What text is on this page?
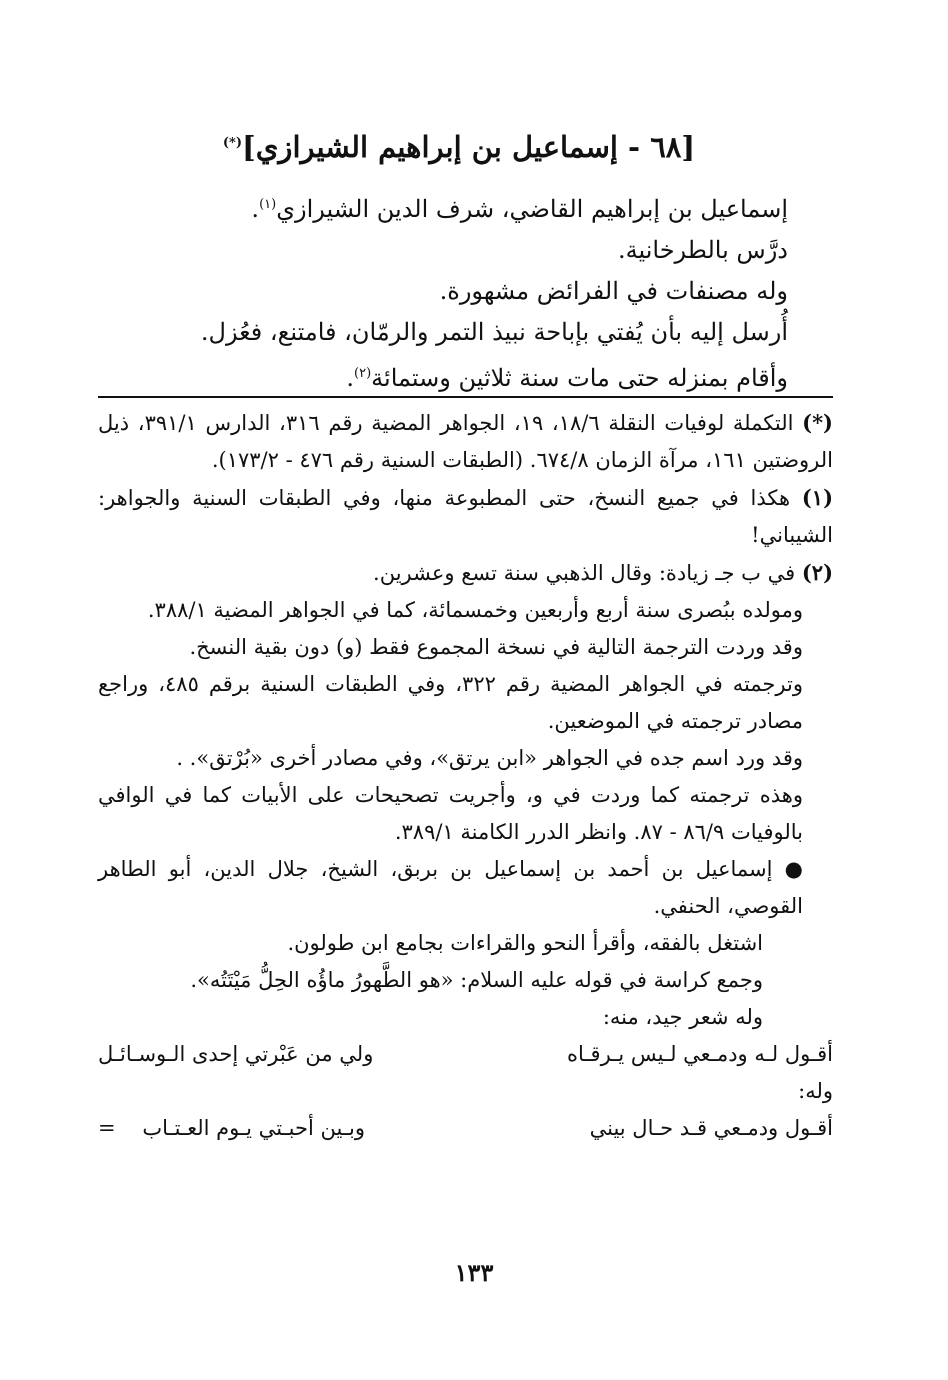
[٦٨ - إسماعيل بن إبراهيم الشيرازي](*)
إسماعيل بن إبراهيم القاضي، شرف الدين الشيرازي$^{(١)}$.
درَّس بالطرخانية.
وله مصنفات في الفرائض مشهورة.
أُرسل إليه بأن يُفتي بإباحة نبيذ التمر والرمّان، فامتنع، فعُزل.
وأقام بمنزله حتى مات سنة ثلاثين وستمائة$^{(٢)}$.
(*) التكملة لوفيات النقلة ١٨/٦، ١٩، الجواهر المضية رقم ٣١٦، الدارس ٣٩١/١، ذيل الروضتين ١٦١، مرآة الزمان ٦٧٤/٨. (الطبقات السنية رقم ٤٧٦ - ١٧٣/٢).
(١) هكذا في جميع النسخ، حتى المطبوعة منها، وفي الطبقات السنية والجواهر: الشيباني!
(٢) في ب جـ زيادة: وقال الذهبي سنة تسع وعشرين.
ومولده ببُصرى سنة أربع وأربعين وخمسمائة، كما في الجواهر المضية ٣٨٨/١.
وقد وردت الترجمة التالية في نسخة المجموع فقط (و) دون بقية النسخ.
وترجمته في الجواهر المضية رقم ٣٢٢، وفي الطبقات السنية برقم ٤٨٥، وراجع مصادر ترجمته في الموضعين.
وقد ورد اسم جده في الجواهر «ابن يرتق»، وفي مصادر أخرى «بُرْتق». .
وهذه ترجمته كما وردت في و، وأجريت تصحيحات على الأبيات كما في الوافي بالوفيات ٨٦/٩ - ٨٧. وانظر الدرر الكامنة ٣٨٩/١.
● إسماعيل بن أحمد بن إسماعيل بن بربق، الشيخ، جلال الدين، أبو الطاهر القوصي، الحنفي.
اشتغل بالفقه، وأقرأ النحو والقراءات بجامع ابن طولون.
وجمع كراسة في قوله عليه السلام: «هو الطَّهورُ ماؤُه الحِلُّ مَيْتَتُه».
وله شعر جيد، منه:
أقـول لـه ودمـعي لـيس يـرقـاه
ولي من عَبْرتي إحدى الـوسـائـل
وله:
أقـول ودمـعي قـد حـال بيني
وبـين أحبـتي يـوم العـتـاب    =
١٣٣
